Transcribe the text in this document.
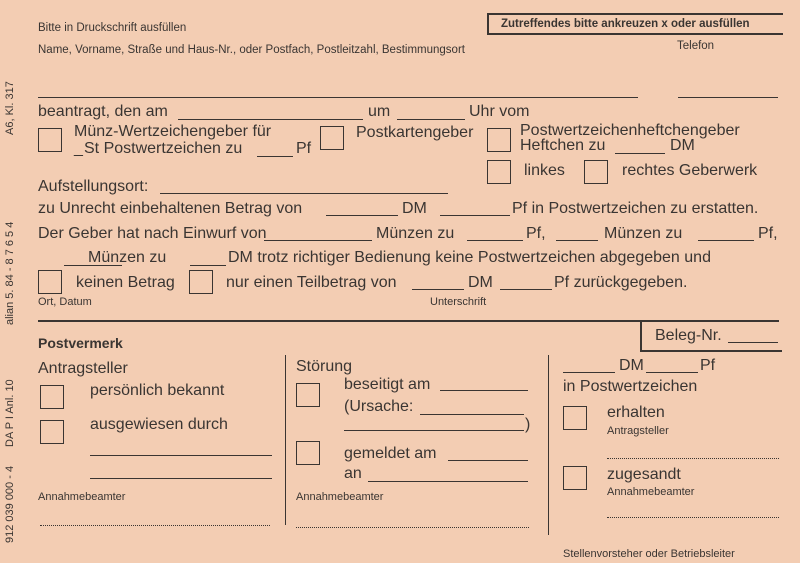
A6, Kl. 317
alian 5. 84 - 8 7 6 5 4
DA P I Anl. 10
912 039 000 - 4
Bitte in Druckschrift ausfüllen
Name, Vorname, Straße und Haus-Nr., oder Postfach, Postleitzahl, Bestimmungsort
Zutreffendes bitte ankreuzen x oder ausfüllen
Telefon
beantragt, den am	um	Uhr vom
Münz-Wertzeichengeber für
_ St Postwertzeichen zu	Pf
Postkartengeber	Postwertzeichenheftchengeber
Heftchen zu	DM
linkes	rechtes Geberwerk
Aufstellungsort:
zu Unrecht einbehaltenen Betrag von	DM	Pf in Postwertzeichen zu erstatten.
Der Geber hat nach Einwurf von	Münzen zu	Pf,	Münzen zu	Pf,
Münzen zu	DM trotz richtiger Bedienung keine Postwertzeichen abgegeben und
keinen Betrag	nur einen Teilbetrag von	DM	Pf zurückgegeben.
Ort, Datum	Unterschrift
Postvermerk	Beleg-Nr.
Antragsteller
persönlich bekannt
ausgewiesen durch
Annahmebeamter
Störung
beseitigt am
(Ursache:
)
gemeldet am
an
Annahmebeamter
DM	Pf
in Postwertzeichen
erhalten
Antragsteller
zugesandt
Annahmebeamter
Stellenvorsteher oder Betriebsleiter
